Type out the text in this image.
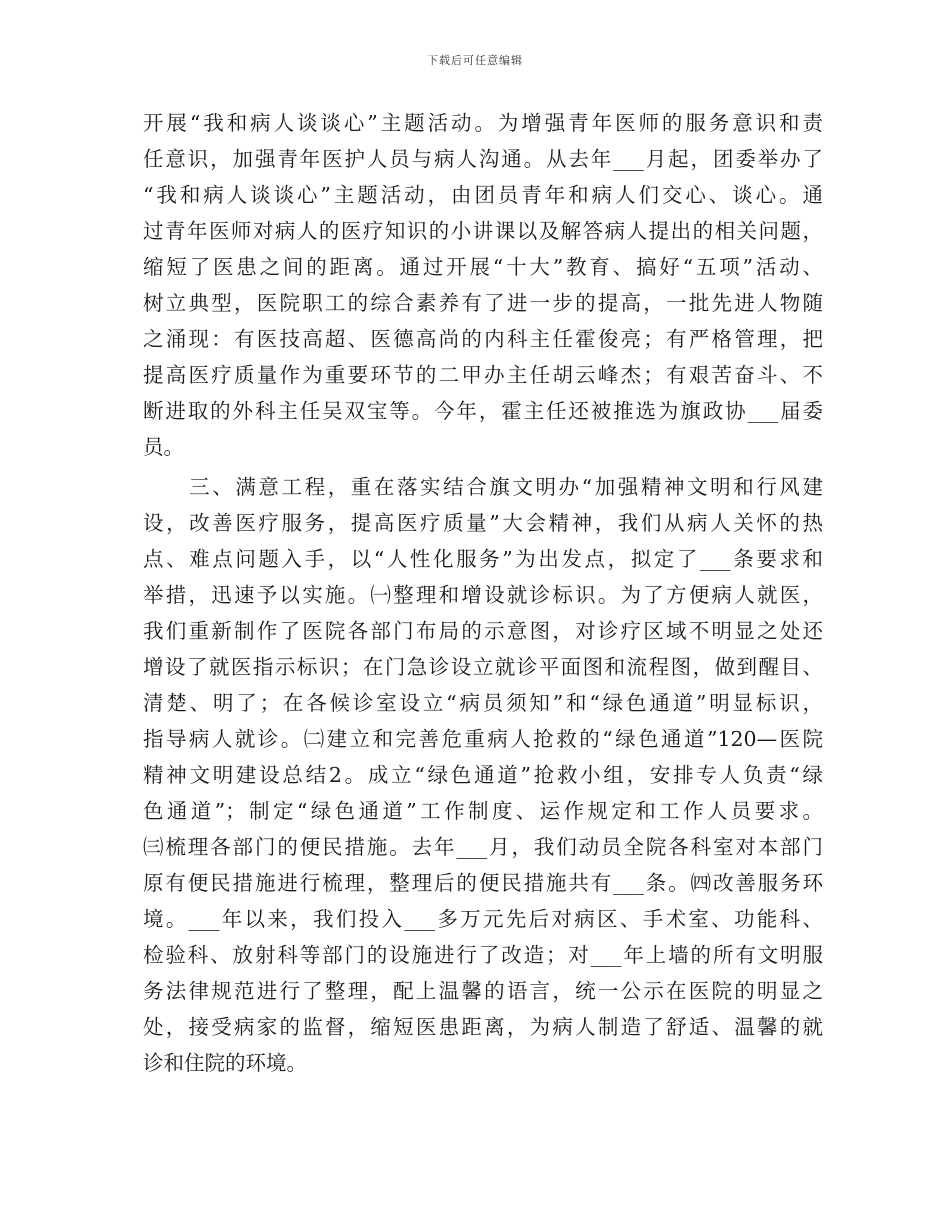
下载后可任意编辑
开展“我和病人谈谈心”主题活动。为增强青年医师的服务意识和责
任意识，加强青年医护人员与病人沟通。从去年___月起，团委举办了
“我和病人谈谈心”主题活动，由团员青年和病人们交心、谈心。通
过青年医师对病人的医疗知识的小讲课以及解答病人提出的相关问题，
缩短了医患之间的距离。通过开展“十大”教育、搞好“五项”活动、
树立典型，医院职工的综合素养有了进一步的提高，一批先进人物随
之涌现：有医技高超、医德高尚的内科主任霍俊亮；有严格管理，把
提高医疗质量作为重要环节的二甲办主任胡云峰杰；有艰苦奋斗、不
断进取的外科主任吴双宝等。今年，霍主任还被推选为旗政协___届委
员。
　　三、满意工程，重在落实结合旗文明办“加强精神文明和行风建
设，改善医疗服务，提高医疗质量”大会精神，我们从病人关怀的热
点、难点问题入手，以“人性化服务”为出发点，拟定了___条要求和
举措，迅速予以实施。㈠整理和增设就诊标识。为了方便病人就医，
我们重新制作了医院各部门布局的示意图，对诊疗区域不明显之处还
增设了就医指示标识；在门急诊设立就诊平面图和流程图，做到醒目、
清楚、明了；在各候诊室设立“病员须知”和“绿色通道”明显标识，
指导病人就诊。㈡建立和完善危重病人抢救的“绿色通道”120—医院
精神文明建设总结2。成立“绿色通道”抢救小组，安排专人负责“绿
色通道”；制定“绿色通道”工作制度、运作规定和工作人员要求。
㈢梳理各部门的便民措施。去年___月，我们动员全院各科室对本部门
原有便民措施进行梳理，整理后的便民措施共有___条。㈣改善服务环
境。___年以来，我们投入___多万元先后对病区、手术室、功能科、
检验科、放射科等部门的设施进行了改造；对___年上墙的所有文明服
务法律规范进行了整理，配上温馨的语言，统一公示在医院的明显之
处，接受病家的监督，缩短医患距离，为病人制造了舒适、温馨的就
诊和住院的环境。
